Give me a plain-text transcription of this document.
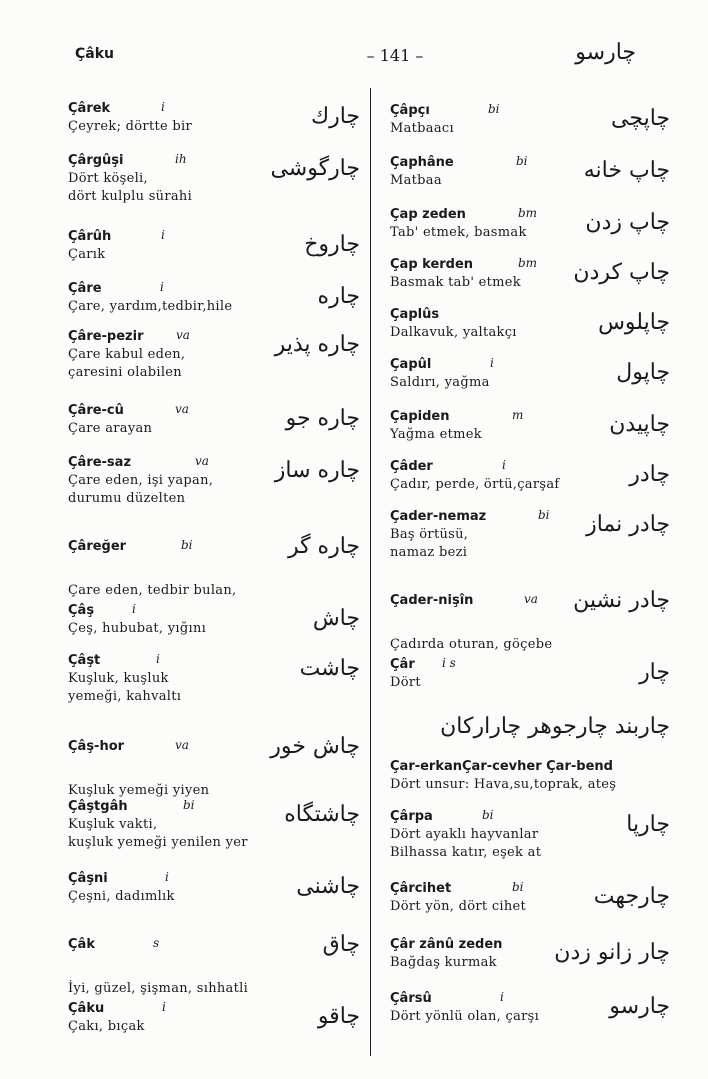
Çâku	– 141 –	چارسو
Çârek	i
Çeyrek; dörtte bir	چارك
Çârgûşi	ih
Dört köşeli,
dört kulplu sürahi
چارگوشی
Çârûh	i
Çarık	چاروخ
Çâre	i
Çare, yardım,tedbir,hile	چاره
Çâre-pezir	va
Çare kabul eden,
çaresini olabilen
چاره پذیر
Çâre-cû	va
Çare arayan	چاره جو
Çâre-saz	va
Çare eden, işi yapan,
durumu düzelten
چاره ساز
Çâreğer	bi
Çare eden, tedbir bulan,
چاره گر
Çâş	i
Çeş, hububat, yığını	چاش
Çâşt	i
Kuşluk, kuşluk
yemeği, kahvaltı
چاشت
Çâş-hor	va
Kuşluk yemeği yiyen
چاش خور
Çâştgâh	bi
Kuşluk vakti,
kuşluk yemeği yenilen yer
چاشتگاه
Çâşni	i
Çeşni, dadımlık	چاشنی
Çâk	s
İyi, güzel, şişman, sıhhatli
چاق
Çâku	i
Çakı, bıçak	چاقو
Çâpçı	bi
Matbaacı	چاپچی
Çaphâne	bi
Matbaa	چاپ خانه
Çap zeden	bm
Tab' etmek, basmak	چاپ زدن
Çap kerden	bm
Basmak tab' etmek	چاپ کردن
Çaplûs
Dalkavuk, yaltakçı	چاپلوس
Çapûl	i
Saldırı, yağma	چاپول
Çapiden	m
Yağma etmek	چاپیدن
Çâder	i
Çadır, perde, örtü,çarşaf	چادر
Çader-nemaz	bi
Baş örtüsü,
namaz bezi
چادر نماز
Çader-nişîn	va
Çadırda oturan, göçebe
چادر نشین
Çâr	i s
Dört	چار
Çar-erkanÇar-cevher Çar-bend
Dört unsur: Hava,su,toprak, ateş
Çârpa	bi
Dört ayaklı hayvanlar
Bilhassa katır, eşek at
چارپا
Çârcihet	bi
Dört yön, dört cihet	چارجهت
Çâr zânû zeden
Bağdaş kurmak	چار زانو زدن
Çârsû	i
Dört yönlü olan, çarşı	چارسو
چاربند چارجوهر چارارکان
